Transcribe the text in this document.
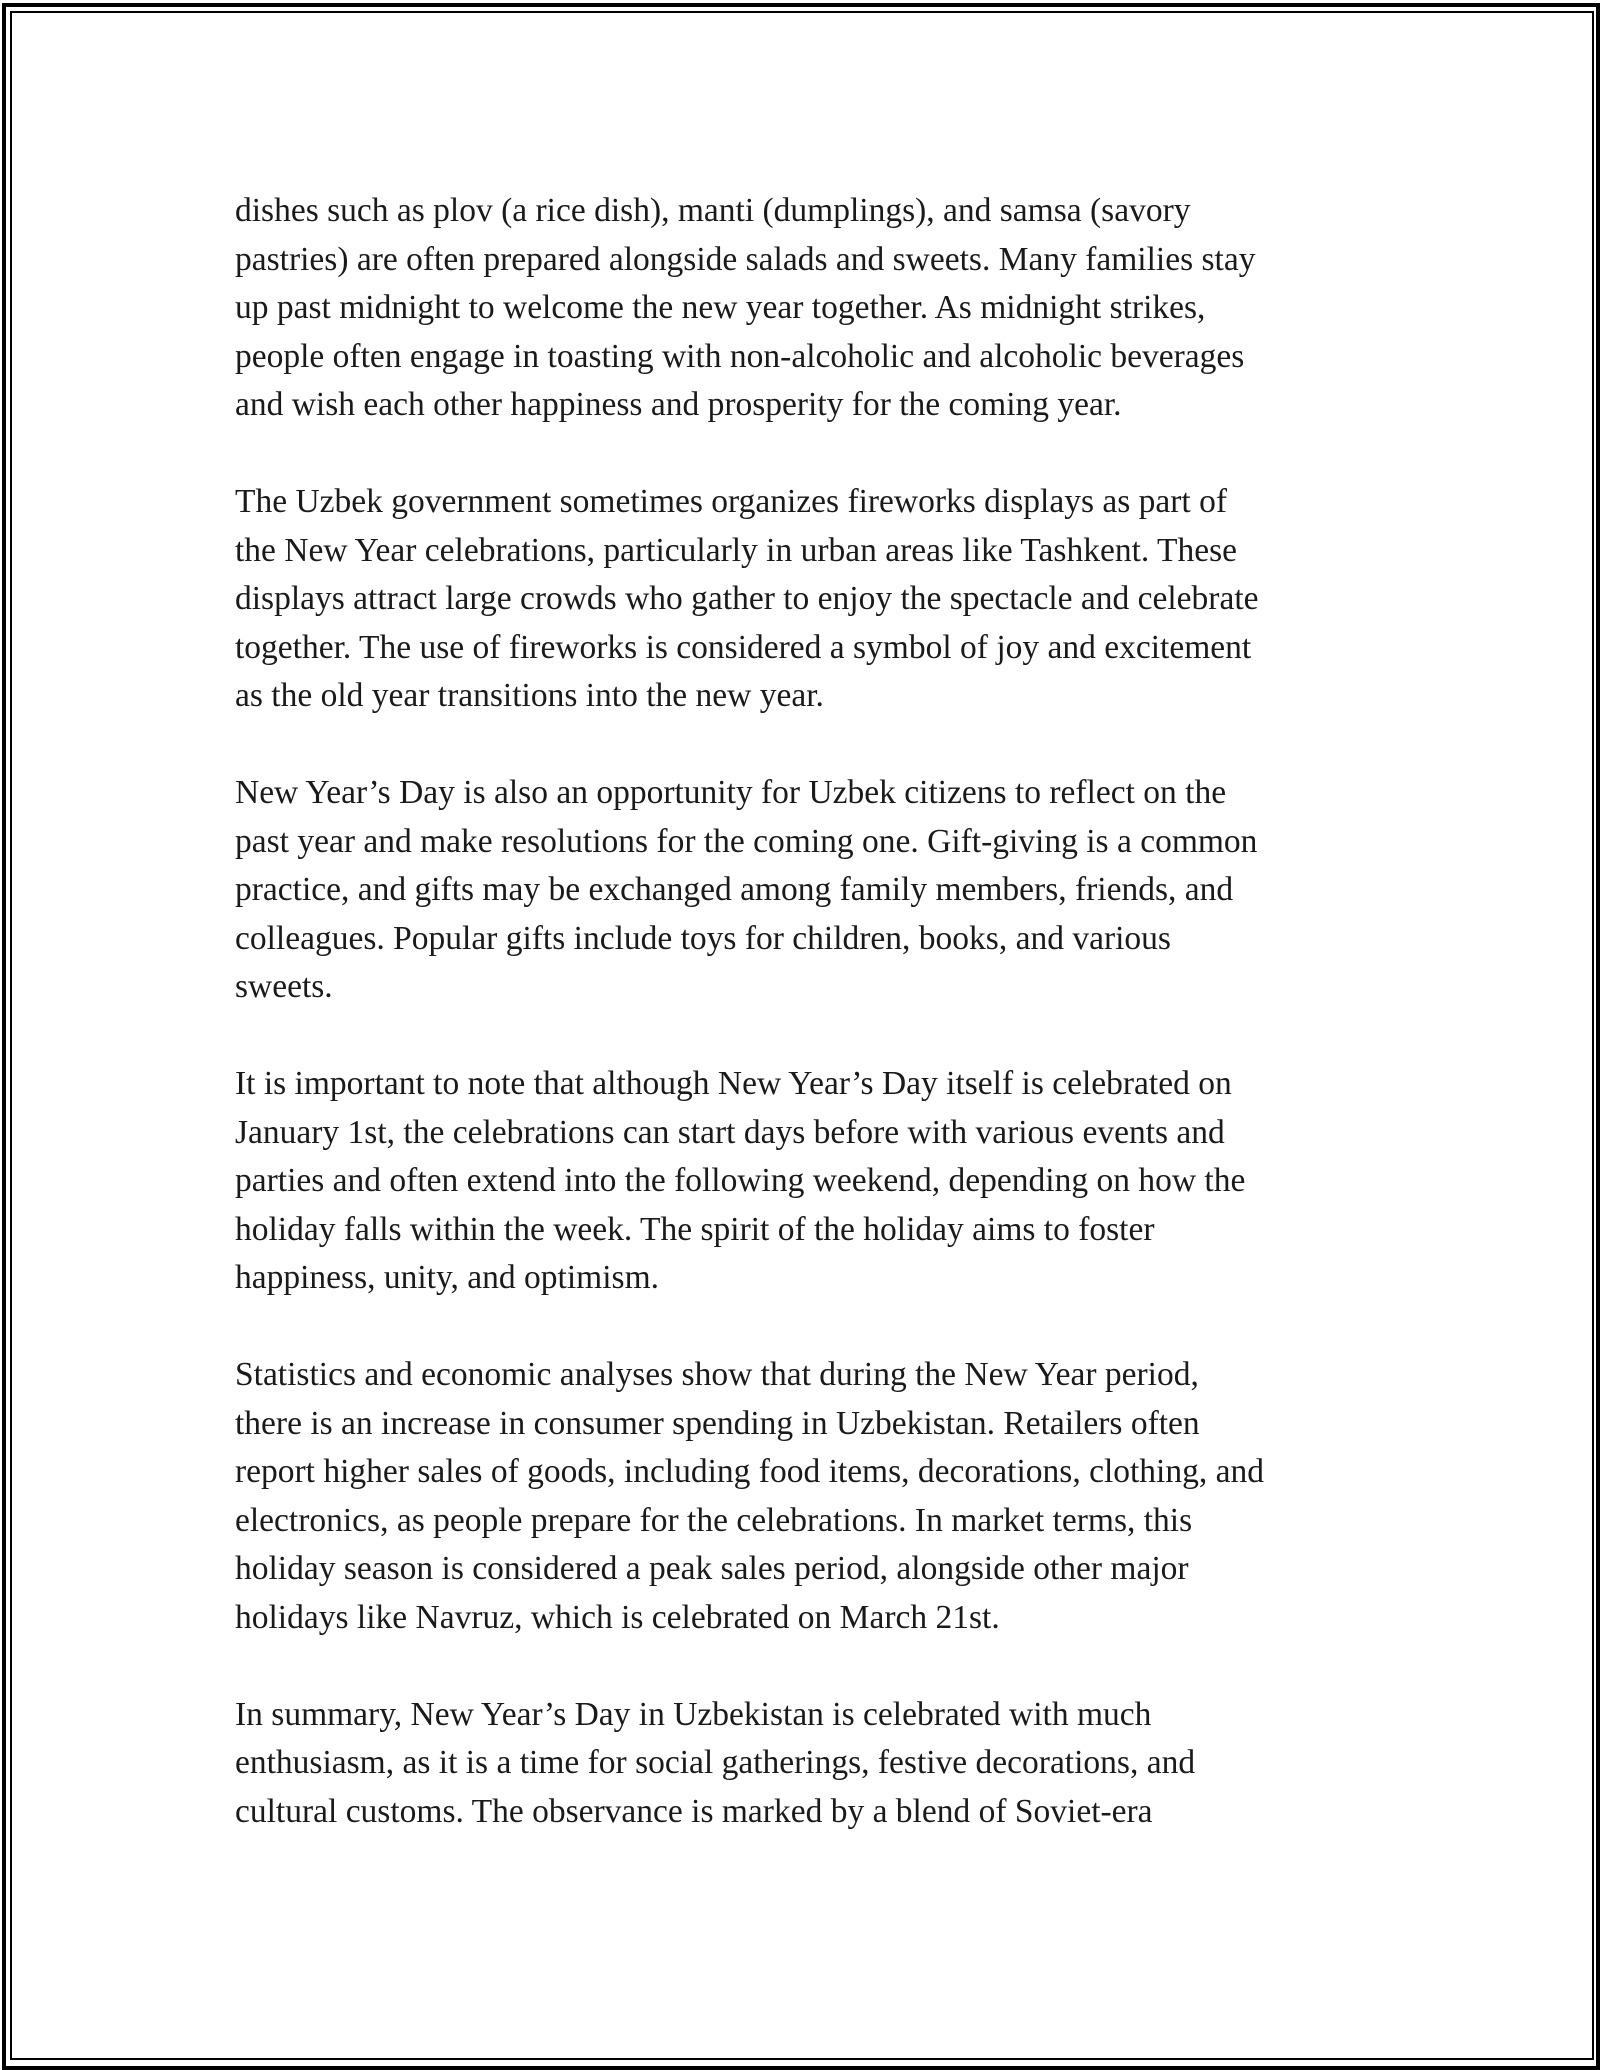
dishes such as plov (a rice dish), manti (dumplings), and samsa (savory
pastries) are often prepared alongside salads and sweets. Many families stay
up past midnight to welcome the new year together. As midnight strikes,
people often engage in toasting with non-alcoholic and alcoholic beverages
and wish each other happiness and prosperity for the coming year.

The Uzbek government sometimes organizes fireworks displays as part of
the New Year celebrations, particularly in urban areas like Tashkent. These
displays attract large crowds who gather to enjoy the spectacle and celebrate
together. The use of fireworks is considered a symbol of joy and excitement
as the old year transitions into the new year.

New Year’s Day is also an opportunity for Uzbek citizens to reflect on the
past year and make resolutions for the coming one. Gift-giving is a common
practice, and gifts may be exchanged among family members, friends, and
colleagues. Popular gifts include toys for children, books, and various
sweets.

It is important to note that although New Year’s Day itself is celebrated on
January 1st, the celebrations can start days before with various events and
parties and often extend into the following weekend, depending on how the
holiday falls within the week. The spirit of the holiday aims to foster
happiness, unity, and optimism.

Statistics and economic analyses show that during the New Year period,
there is an increase in consumer spending in Uzbekistan. Retailers often
report higher sales of goods, including food items, decorations, clothing, and
electronics, as people prepare for the celebrations. In market terms, this
holiday season is considered a peak sales period, alongside other major
holidays like Navruz, which is celebrated on March 21st.

In summary, New Year’s Day in Uzbekistan is celebrated with much
enthusiasm, as it is a time for social gatherings, festive decorations, and
cultural customs. The observance is marked by a blend of Soviet-era
